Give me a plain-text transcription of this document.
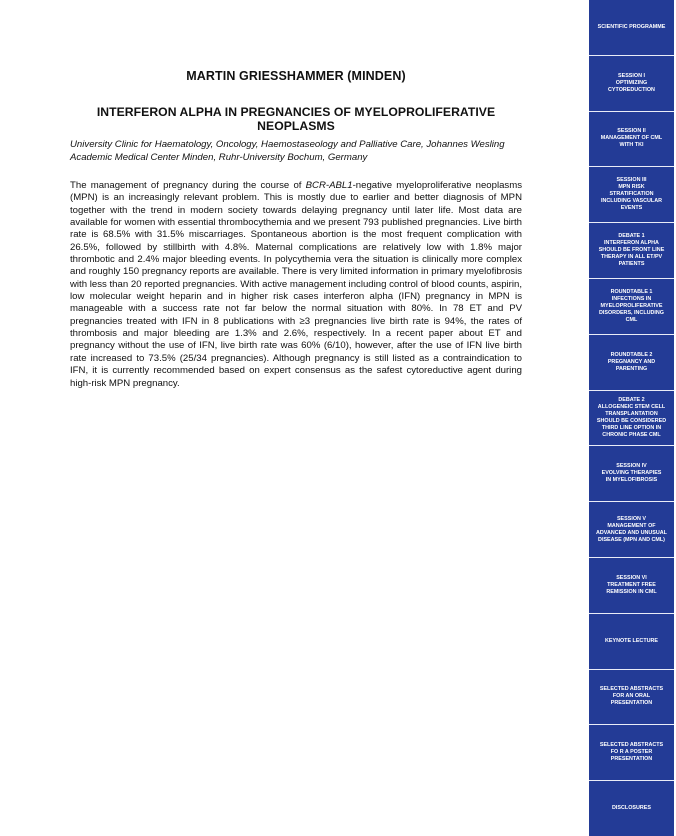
MARTIN GRIESSHAMMER (MINDEN)
INTERFERON ALPHA IN PREGNANCIES OF MYELOPROLIFERATIVE NEOPLASMS
University Clinic for Haematology, Oncology, Haemostaseology and Palliative Care, Johannes Wesling Academic Medical Center Minden, Ruhr-University Bochum, Germany

The management of pregnancy during the course of BCR-ABL1-negative myeloproliferative neoplasms (MPN) is an increasingly relevant problem. This is mostly due to earlier and better diagnosis of MPN together with the trend in modern society towards delaying pregnancy until later life. Most data are available for women with essential thrombocythemia and we present 793 published pregnancies. Live birth rate is 68.5% with 31.5% miscarriages. Spontaneous abortion is the most frequent complication with 26.5%, followed by stillbirth with 4.8%. Maternal complications are relatively low with 1.8% major thrombotic and 2.4% major bleeding events. In polycythemia vera the situation is clinically more complex and roughly 150 pregnancy reports are available. There is very limited information in primary myelofibrosis with less than 20 reported pregnancies. With active management including control of blood counts, aspirin, low molecular weight heparin and in higher risk cases interferon alpha (IFN) pregnancy in MPN is manageable with a success rate not far below the normal situation with 80%. In 78 ET and PV pregnancies treated with IFN in 8 publications with ≥3 pregnancies live birth rate is 94%, the rates of thrombosis and major bleeding are 1.3% and 2.6%, respectively. In a recent paper about ET and pregnancy without the use of IFN, live birth rate was 60% (6/10), however, after the use of IFN live birth rate increased to 73.5% (25/34 pregnancies). Although pregnancy is still listed as a contraindication to IFN, it is currently recommended based on expert consensus as the safest cytoreductive agent during high-risk MPN pregnancy.

SCIENTIFIC PROGRAMME
SESSION I
OPTIMIZING
CYTOREDUCTION
SESSION II
MANAGEMENT OF CML
WITH TKI
SESSION III
MPN RISK
STRATIFICATION
INCLUDING VASCULAR
EVENTS
DEBATE 1
INTERFERON ALPHA
SHOULD BE FRONT LINE
THERAPY IN ALL ET/PV
PATIENTS
ROUNDTABLE 1
INFECTIONS IN
MYELOPROLIFERATIVE
DISORDERS, INCLUDING
CML
ROUNDTABLE 2
PREGNANCY AND
PARENTING
DEBATE 2
ALLOGENEIC STEM CELL
TRANSPLANTATION
SHOULD BE CONSIDERED
THIRD LINE OPTION IN
CHRONIC PHASE CML
SESSION IV
EVOLVING THERAPIES
IN MYELOFIBROSIS
SESSION V
MANAGEMENT OF
ADVANCED AND UNUSUAL
DISEASE (MPN AND CML)
SESSION VI
TREATMENT FREE
REMISSION IN CML
KEYNOTE LECTURE
SELECTED ABSTRACTS
FOR AN ORAL
PRESENTATION
SELECTED ABSTRACTS
FO R A POSTER
PRESENTATION
DISCLOSURES
